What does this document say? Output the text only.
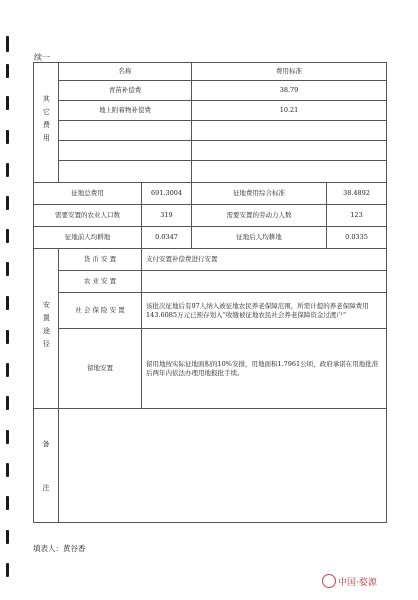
续一
其它费用	名称		费用标准	
	青苗补偿费		38.79	
	地上附着物补偿费		10.21	

征地总费用		691.3004	征地费用综合标准	38.4892
需要安置的农业人口数		319	需要安置的劳动力人数	123
征地前人均耕地		0.0347	征地后人均耕地	0.0335
安置途径	货 币 安 置	支付安置补偿费进行安置		
	农 业 安 置			
	社 会 保 险 安 置	该批次征地后有97人纳入被征地农民养老保障范围，所需计提的养老保障费用143.6085万元已预存划入“收缴被征地农民社会养老保障资金过渡户”		
	留地安置	留用地按实际征地面积的10%安排，用地面积1.7961公顷，政府承诺在用地批准后两年内依法办理用地报批手续。		

备
注				

填表人：黄谷香
中国·婺源
